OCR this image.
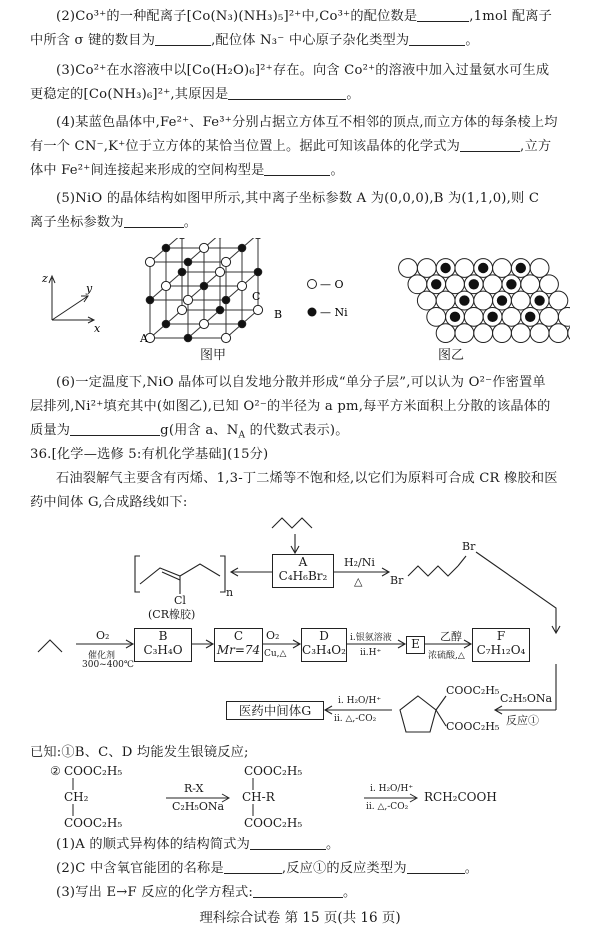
(2)Co³⁺的一种配离子[Co(N₃)(NH₃)₅]²⁺中,Co³⁺的配位数是	,1mol 配离子

中所含 σ 键的数目为	,配位体 N₃⁻ 中心原子杂化类型为	。

(3)Co²⁺在水溶液中以[Co(H₂O)₆]²⁺存在。向含 Co²⁺的溶液中加入过量氨水可生成

更稳定的[Co(NH₃)₆]²⁺,其原因是	。

(4)某蓝色晶体中,Fe²⁺、Fe³⁺分别占据立方体互不相邻的顶点,而立方体的每条棱上均

有一个 CN⁻,K⁺位于立方体的某恰当位置上。据此可知该晶体的化学式为	,立方

体中 Fe²⁺间连接起来形成的空间构型是	。

(5)NiO 的晶体结构如图甲所示,其中离子坐标参数 A 为(0,0,0),B 为(1,1,0),则 C

离子坐标参数为	。

z
y
x
A
B
C
— O
— Ni
图甲	图乙

(6)一定温度下,NiO 晶体可以自发地分散并形成“单分子层”,可以认为 O²⁻作密置单

层排列,Ni²⁺填充其中(如图乙),已知 O²⁻的半径为 a pm,每平方米面积上分散的该晶体的

质量为	g(用含 a、$N_A$ 的代数式表示)。

36.[化学—选修 5:有机化学基础](15分)

石油裂解气主要含有丙烯、1,3-丁二烯等不饱和烃,以它们为原料可合成 CR 橡胶和医

药中间体 G,合成路线如下:

A
C₄H₆Br₂
H₂/Ni
△	Br
Br
n
Cl
(CR橡胶)
O₂
催化剂
300~400℃
B
C₃H₄O
C
Mr=74
O₂
Cu,△
D
C₃H₄O₂
i.银氨溶液
ii.H⁺
E
乙醇
浓硫酸,△
F
C₇H₁₂O₄
C₂H₅ONa
反应①
COOC₂H₅
COOC₂H₅
i. H₂O/H⁺
ii. △,-CO₂
医药中间体G

已知:①B、C、D 均能发生银镜反应;

② COOC₂H₅
CH₂
COOC₂H₅
R-X
C₂H₅ONa
COOC₂H₅
CH-R
COOC₂H₅
i. H₂O/H⁺
ii. △,-CO₂
RCH₂COOH

(1)A 的顺式异构体的结构简式为	。

(2)C 中含氧官能团的名称是	,反应①的反应类型为	。

(3)写出 E→F 反应的化学方程式:	。

理科综合试卷 第 15 页(共 16 页)
